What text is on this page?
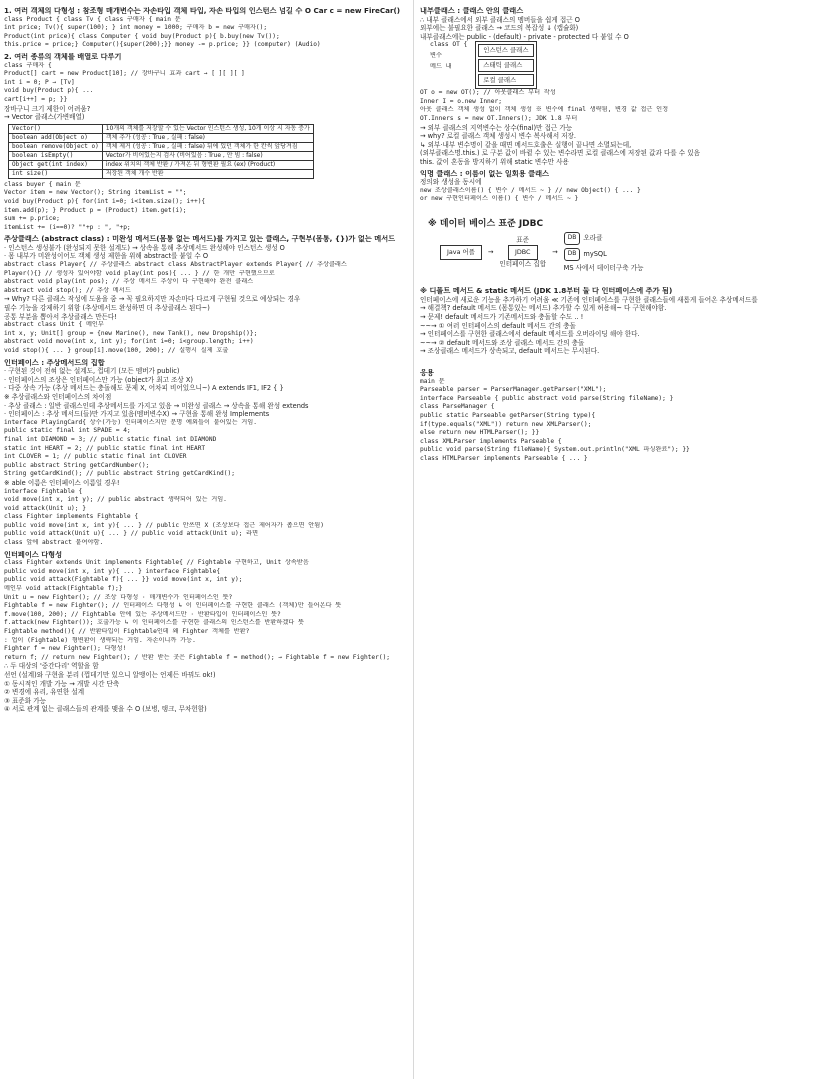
1. 여러 객체의 다형성 : 참조형 매개변수는 자손타입 객체 타입, 자손 타입의 인스턴스 넘길 수 O Car c = new FireCar()
class Product { class Tv { class 구매자 { main 문
int price; Tv(){ super(100); } int money = 1000; 구매자 b = new 구매자();
Product(int price){ class Computer { void buy(Product p){ b.buy(new Tv());
this.price = price;} Computer(){super(200);}} money -= p.price; }} (computer) (Audio)
2. 여러 종류의 객체를 배열로 다루기
class 구매자 {
Product[] cart = new Product[10]; // 장바구니 효과 cart → [ ][ ][ ]
int i = 0; P → [Tv]
void buy(Product p){ ...
cart[i++] = p; }}
장바구니 크기 제한이 어려움?
→ Vector 클래스(가변배열)
Vector()	10개의 객체를 저장할 수 있는 Vector 인스턴스 생성, 10개 이상 시 자동 증가
boolean add(Object o)	객체 추가 (성공 : True , 실패 : false)
boolean remove(Object o)	객체 제거 (성공 : True , 실패 : false) 뒤에 있던 객체가 한 칸씩 앞당겨짐
boolean isEmpty()	Vector가 비어있는지 검사 (비어있음 : True , 안 빔 : false)
Object get(int index)	index 위치의 객체 반환 / 가져온 뒤 형변환 필요 (ex) (Product)
int size()	저장된 객체 개수 반환
class buyer { main 문
Vector item = new Vector(); String itemList = "";
void buy(Product p){ for(int i=0; i<item.size(); i++){
item.add(p); } Product p = (Product) item.get(i);
sum += p.price;
itemList += (i==0)? ""+p : ", "+p;
추상클래스 (abstract class) : 미완성 메서드(몸통 없는 메서드)를 가지고 있는 클래스, 구현부(몸통, {})가 없는 메서드
· 인스턴스 생성불가 (완성되지 못한 설계도) → 상속을 통해 추상메서드 완성해야 인스턴스 생성 O
· 몸 내부가 미완성이어도 객체 생성 제한을 위해 abstract를 붙일 수 O
abstract class Player{ // 추상클래스 abstract class AbstractPlayer extends Player{ // 추상클래스
Player(){} // 생성자 있어야함 void play(int pos){ ... } // 한 개만 구현했으므로
abstract void play(int pos); // 추상 메서드 추상이 다 구현해야 완전 클래스
abstract void stop(); // 추상 메서드
→ Why? 다른 클래스 작성에 도움을 줌 → 꼭 필요하지만 자손마다 다르게 구현될 것으로 예상되는 경우
필수 기능을 강제하기 위함 (추상메서드 완성하면 더 추상클래스 된다~)
공통 부분을 뽑아서 추상클래스 만든다!
abstract class Unit { 메인부
int x, y; Unit[] group = {new Marine(), new Tank(), new Dropship()};
abstract void move(int x, int y); for(int i=0; i<group.length; i++)
void stop(){ ... } group[i].move(100, 200); // 실행시 실제 호출
인터페이스 : 추상메서드의 집합
· 구현된 것이 전혀 없는 설계도, 껍데기 (모든 멤버가 public)
· 인터페이스의 조상은 인터페이스만 가능 (object가 최고 조상 X)
· 다중 상속 가능 (추상 메서드는 충돌해도 문제 X, 어차피 비어있으니~) A extends IF1, IF2 { }
※ 추상클래스와 인터페이스의 차이점
· 추상 클래스 : 일반 클래스인데 추상메서드를 가지고 있음 → 미완성 클래스 → 상속을 통해 완성 extends
· 인터페이스 : 추상 메서드(들)만 가지고 있음(멤버변수X) → 구현을 통해 완성 Implements
interface PlayingCard{ 상수(가능) 인터페이스지만 분명 예외들이 붙어있는 거임.
public static final int SPADE = 4;
final int DIAMOND = 3; // public static final int DIAMOND
static int HEART = 2; // public static final int HEART
int CLOVER = 1; // public static final int CLOVER
public abstract String getCardNumber();
String getCardKind(); // public abstract String getCardKind();
※ able 이름은 인터페이스 이름일 경우!
interface Fightable {
void move(int x, int y); // public abstract 생략되어 있는 거임.
void attack(Unit u); }
class Fighter implements Fightable {
public void move(int x, int y){ ... } // public 안쓰면 X (조상보다 접근 제어자가 좁으면 안됨)
public void attack(Unit u){ ... } // public void attack(Unit u); 라면
class 앞에 abstract 붙여야함.
인터페이스 다형성
class Fighter extends Unit implements Fightable{ // Fightable 구현하고, Unit 상속받음
public void move(int x, int y){ ... } interface Fightable{
public void attack(Fightable f){ ... }} void move(int x, int y);
메인부 void attack(Fightable f);}
Unit u = new Fighter(); // 조상 다형성 · 매개변수가 인터페이스인 뜻?
Fightable f = new Fighter(); // 인터페이스 다형성 ↳ 이 인터페이스를 구현한 클래스 (객체)만 들어온다 뜻
f.move(100, 200); // Fightable 안에 있는 추상메서드만 · 반환타입이 인터페이스인 뜻?
f.attack(new Fighter()); 호출가능 ↳ 이 인터페이스를 구현한 클래스의 인스턴스를 반환하겠다 뜻
Fightable method(){ // 반환타입이 Fightable인데 왜 Fighter 객체를 반환?
: 업이 (Fightable) 형변환이 생략되는 거임. 자손이니까 가능.
Fighter f = new Fighter(); 다형성!
return f; // return new Fighter(); / 반환 받는 곳은 Fightable f = method(); → Fightable f = new Fighter();
∴ 두 대상의 '중간다리' 역할을 함
선언 (설계)와 구현을 분리 (껍데기만 있으니 알맹이는 언제든 바꿔도 ok!)
① 동시적인 개발 가능 → 개발 시간 단축
② 변경에 유리, 유연한 설계
③ 표준화 가능
④ 서로 관계 없는 클래스들의 관계를 맺을 수 O (보병, 탱크, 무차헌함)
내부클래스 : 클래스 안의 클래스
∴ 내부 클래스에서 외부 클래스의 멤버들을 쉽게 접근 O
외부에는 불필요한 클래스 → 코드의 복잡성 ↓ (캡슐화)
내부클래스에는 public - (default) - private - protected 다 붙일 수 O
class OT {
변수
메드 내
인스턴스 클래스
스태틱 클래스
로컬 클래스
OT o = new OT(); // 아웃클래스 부터 작성
Inner I = o.new Inner;
아웃 클래스 객체 생성 없이 객체 생성 ※ 변수에 final 생략됨, 변경 값 접근 인정
OT.Inners s = new OT.Inners(); JDK 1.8 부터
→ 외부 클래스의 지역변수는 상수(final)만 접근 가능
→ why? 로컬 클래스 객체 생성시 변수 복사해서 저장.
↳ 외부·내부 변수명이 같을 때면 메서드호출은 실행이 끝나면 소멸되는데,
(외부클래스명.this.) 로 구분 값이 바뀔 수 있는 변수라면 로컬 클래스에 저장된 값과 다를 수 있음
this. 값이 혼동을 방지하기 위해 static 변수만 사용
익명 클래스 : 이름이 없는 일회용 클래스
정의와 생성을 동시에
new 조상클래스이름() { 변수 / 메서드 ~ } // new Object() { ... }
or new 구현인터페이스 이름() { 변수 / 메서드 ~ }
※ 데이터 베이스 표준 JDBC
Java 어플	→
표준
JDBC
인터페이스 집합
→
DB	오라클
DB	mySQL
MS 사에서 데이터구축 가능
※ 디폴트 메서드 & static 메서드 (JDK 1.8부터 둘 다 인터페이스에 추가 됨)
인터페이스에 새로운 기능을 추가하기 어려움 ≪ 기존에 인터페이스를 구현한 클래스들에 새롭게 들어온 추상메서드를
→ 해결책? default 메서드 (몸통있는 메서드) 추가할 수 있게 허용해~ 다 구현해야함.
→ 문제! default 메서드가 기존메서드와 충돌할 수도 .. !
~~→ ① 여러 인터페이스의 default 메서드 간의 충돌
→ 인터페이스를 구현한 클래스에서 default 메서드를 오버라이딩 해야 한다.
~~→ ② default 메서드와 조상 클래스 메서드 간의 충돌
→ 조상클래스 메서드가 상속되고, default 메서드는 무시된다.
응용
main 문
Parseable parser = ParserManager.getParser("XML");
interface Parseable { public abstract void parse(String fileName); }
class ParseManager {
public static Parseable getParser(String type){
if(type.equals("XML")) return new XMLParser();
else return new HTMLParser(); }}
class XMLParser implements Parseable {
public void parse(String fileName){ System.out.println("XML 파싱완료"); }}
class HTMLParser implements Parseable { ... }
